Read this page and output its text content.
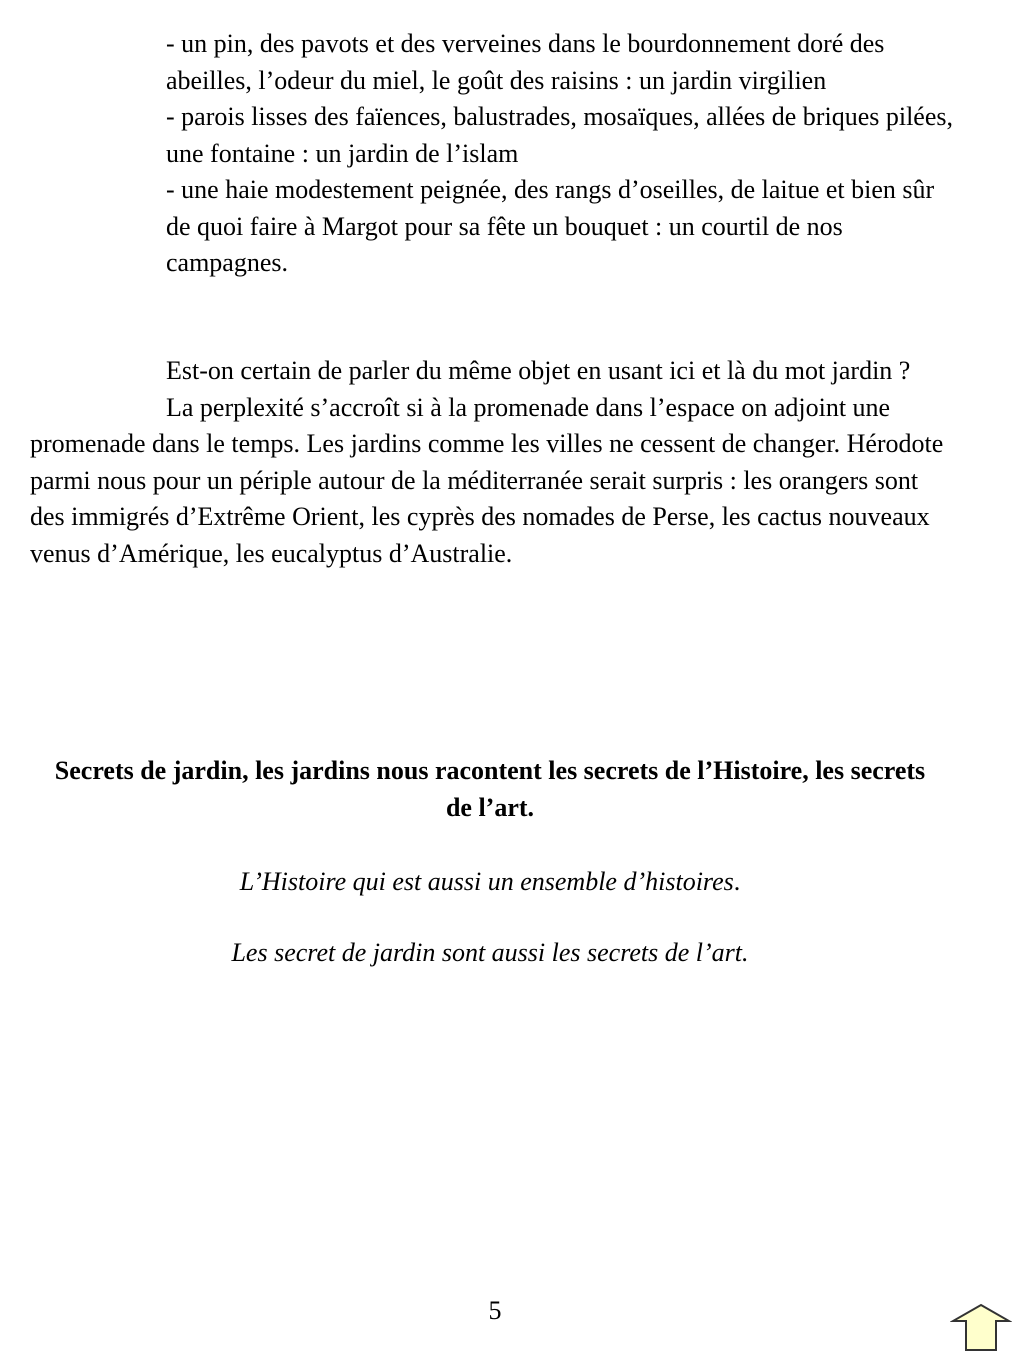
- un pin, des pavots et des verveines dans le bourdonnement doré des abeilles, l’odeur du miel, le goût des raisins : un jardin virgilien

- parois lisses des faïences, balustrades, mosaïques, allées de briques pilées, une fontaine : un jardin de l’islam

- une haie modestement peignée, des rangs d’oseilles, de laitue et bien sûr de quoi faire à Margot pour sa fête un bouquet : un courtil de nos campagnes.

Est-on certain de parler du même objet en usant ici et là du mot jardin ?

La perplexité s’accroît si à la promenade dans l’espace on adjoint une promenade dans le temps. Les jardins comme les villes ne cessent de changer. Hérodote parmi nous pour un périple autour de la méditerranée serait surpris : les orangers sont des immigrés d’Extrême Orient, les cyprès des nomades de Perse, les cactus nouveaux venus d’Amérique, les eucalyptus d’Australie.

Secrets de jardin, les jardins nous racontent les secrets de l’Histoire, les secrets de l’art.
L’Histoire qui est aussi un ensemble d’histoires.
Les secret de jardin sont aussi les secrets de l’art.
5
